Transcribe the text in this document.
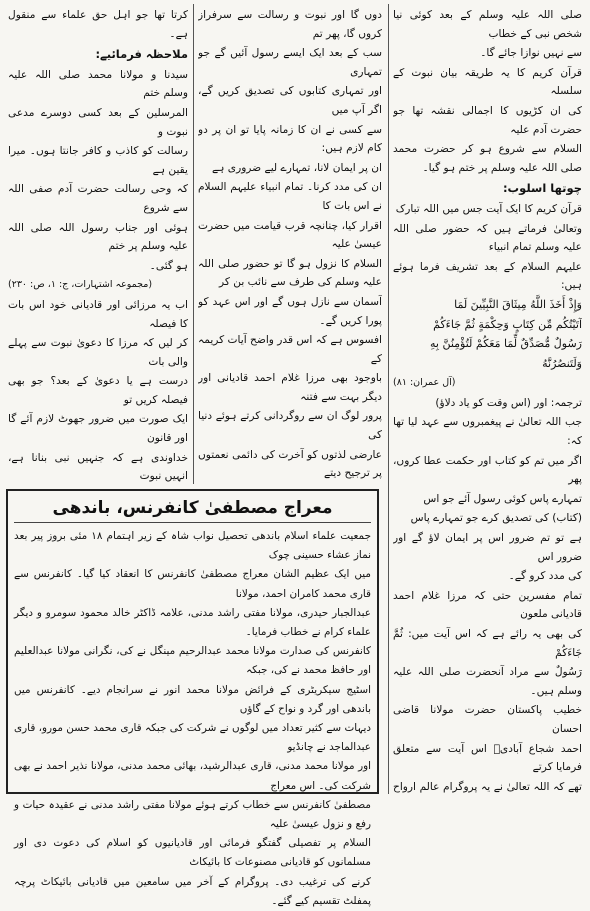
صلی اللہ علیہ وسلم کے بعد کوئی نیا شخص نبی کے خطاب

سے نہیں نوازا جائے گا۔

قرآن کریم کا یہ طریقہ بیان نبوت کے سلسلہ

کی ان کڑیوں کا اجمالی نقشہ تھا جو حضرت آدم علیہ

السلام سے شروع ہو کر حضرت محمد صلی اللہ علیہ وسلم پر ختم ہو گیا۔

چوتھا اسلوب:

قرآن کریم کا ایک آیت جس میں اللہ تبارک

وتعالیٰ فرماتے ہیں کہ حضور صلی اللہ علیہ وسلم تمام انبیاء

علیہم السلام کے بعد تشریف فرما ہوئے ہیں:

وَإِذْ أَخَذَ اللَّهُ مِيثَاقَ النَّبِيِّينَ لَمَا

آتَيْتُكُم مِّن كِتَابٍ وَحِكْمَةٍ ثُمَّ جَاءَكُمْ

رَسُولٌ مُّصَدِّقٌ لِّمَا مَعَكُمْ لَتُؤْمِنُنَّ بِهِ

وَلَتَنصُرُنَّهُ

(آل عمران: ۸۱)

ترجمہ: اور (اس وقت کو یاد دلاؤ)

جب اللہ تعالیٰ نے پیغمبروں سے عہد لیا تھا کہ:

اگر میں تم کو کتاب اور حکمت عطا کروں، پھر

تمہارے پاس کوئی رسول آئے جو اس

(کتاب) کی تصدیق کرے جو تمہارے پاس

ہے تو تم ضرور اس پر ایمان لاؤ گے اور ضرور اس

کی مدد کرو گے۔

تمام مفسرین حتی کہ مرزا غلام احمد قادیانی ملعون

کی بھی یہ رائے ہے کہ اس آیت میں: ثُمَّ جَاءَكُمْ

رَسُولٌ سے مراد آنحضرت صلی اللہ علیہ وسلم ہیں۔

خطیب پاکستان حضرت مولانا قاضی احسان

احمد شجاع آبادیؒ اس آیت سے متعلق فرمایا کرتے

تھے کہ اللہ تعالیٰ نے یہ پروگرام عالم ارواح

دوں گا اور نبوت و رسالت سے سرفراز کروں گا، پھر تم

سب کے بعد ایک ایسے رسول آئیں گے جو تمہاری

اور تمہاری کتابوں کی تصدیق کریں گے، اگر آپ میں

سے کسی نے ان کا زمانہ پایا تو ان پر دو کام لازم ہیں:

ان پر ایمان لانا، تمہارے لیے ضروری ہے

ان کی مدد کرنا۔ تمام انبیاء علیہم السلام نے اس بات کا

اقرار کیا، چنانچہ قرب قیامت میں حضرت عیسیٰ علیہ

السلام کا نزول ہو گا تو حضور صلی اللہ علیہ وسلم کی طرف سے نائب بن کر

آسمان سے نازل ہوں گے اور اس عہد کو پورا کریں گے۔

افسوس ہے کہ اس قدر واضح آیات کریمہ کے

باوجود بھی مرزا غلام احمد قادیانی اور دیگر بہت سے فتنہ

پرور لوگ ان سے روگردانی کرتے ہوئے دنیا کی

عارضی لذتوں کو آخرت کی دائمی نعمتوں پر ترجیح دیتے

کرتا تھا جو اہل حق علماء سے منقول ہے۔

ملاحظہ فرمائیے:

سیدنا و مولانا محمد صلی اللہ علیہ وسلم ختم

المرسلین کے بعد کسی دوسرے مدعی نبوت و

رسالت کو کاذب و کافر جانتا ہوں۔ میرا یقین ہے

کہ وحی رسالت حضرت آدم صفی اللہ سے شروع

ہوئی اور جناب رسول اللہ صلی اللہ علیہ وسلم پر ختم

ہو گئی۔

(مجموعہ اشتہارات، ج: ۱، ص: ۲۳۰)

اب یہ مرزائی اور قادیانی خود اس بات کا فیصلہ

کر لیں کہ مرزا کا دعویٰ نبوت سے پہلے والی بات

درست ہے یا دعویٰ کے بعد؟ جو بھی فیصلہ کریں تو

ایک صورت میں ضرور جھوٹ لازم آئے گا اور قانون

خداوندی ہے کہ جنہیں نبی بنانا ہے، انہیں نبوت

معراج مصطفیٰ کانفرنس، باندھی

جمعیت علماء اسلام باندھی تحصیل نواب شاہ کے زیر اہتمام ۱۸ مئی بروز پیر بعد نماز عشاء حسینی چوک

میں ایک عظیم الشان معراج مصطفیٰ کانفرنس کا انعقاد کیا گیا۔ کانفرنس سے قاری محمد کامران احمد، مولانا

عبدالجبار حیدری، مولانا مفتی راشد مدنی، علامہ ڈاکٹر خالد محمود سومرو و دیگر علماء کرام نے خطاب فرمایا۔

کانفرنس کی صدارت مولانا محمد عبدالرحیم مینگل نے کی، نگرانی مولانا عبدالعلیم اور حافظ محمد نے کی، جبکہ

اسٹیج سیکریٹری کے فرائض مولانا محمد انور نے سرانجام دیے۔ کانفرنس میں باندھی اور گرد و نواح کے گاؤں

دیہات سے کثیر تعداد میں لوگوں نے شرکت کی جبکہ قاری محمد حسن مورو، قاری عبدالماجد نے چانڈیو

اور مولانا محمد مدنی، قاری عبدالرشید، بھائی محمد مدنی، مولانا نذیر احمد نے بھی شرکت کی۔ اس معراج

مصطفیٰ کانفرنس سے خطاب کرتے ہوئے مولانا مفتی راشد مدنی نے عقیدہ حیات و رفع و نزول عیسیٰ علیہ

السلام پر تفصیلی گفتگو فرمائی اور قادیانیوں کو اسلام کی دعوت دی اور مسلمانوں کو قادیانی مصنوعات کا بائیکاٹ

کرنے کی ترغیب دی۔ پروگرام کے آخر میں سامعین میں قادیانی بائیکاٹ پرچہ پمفلٹ تقسیم کیے گئے۔
